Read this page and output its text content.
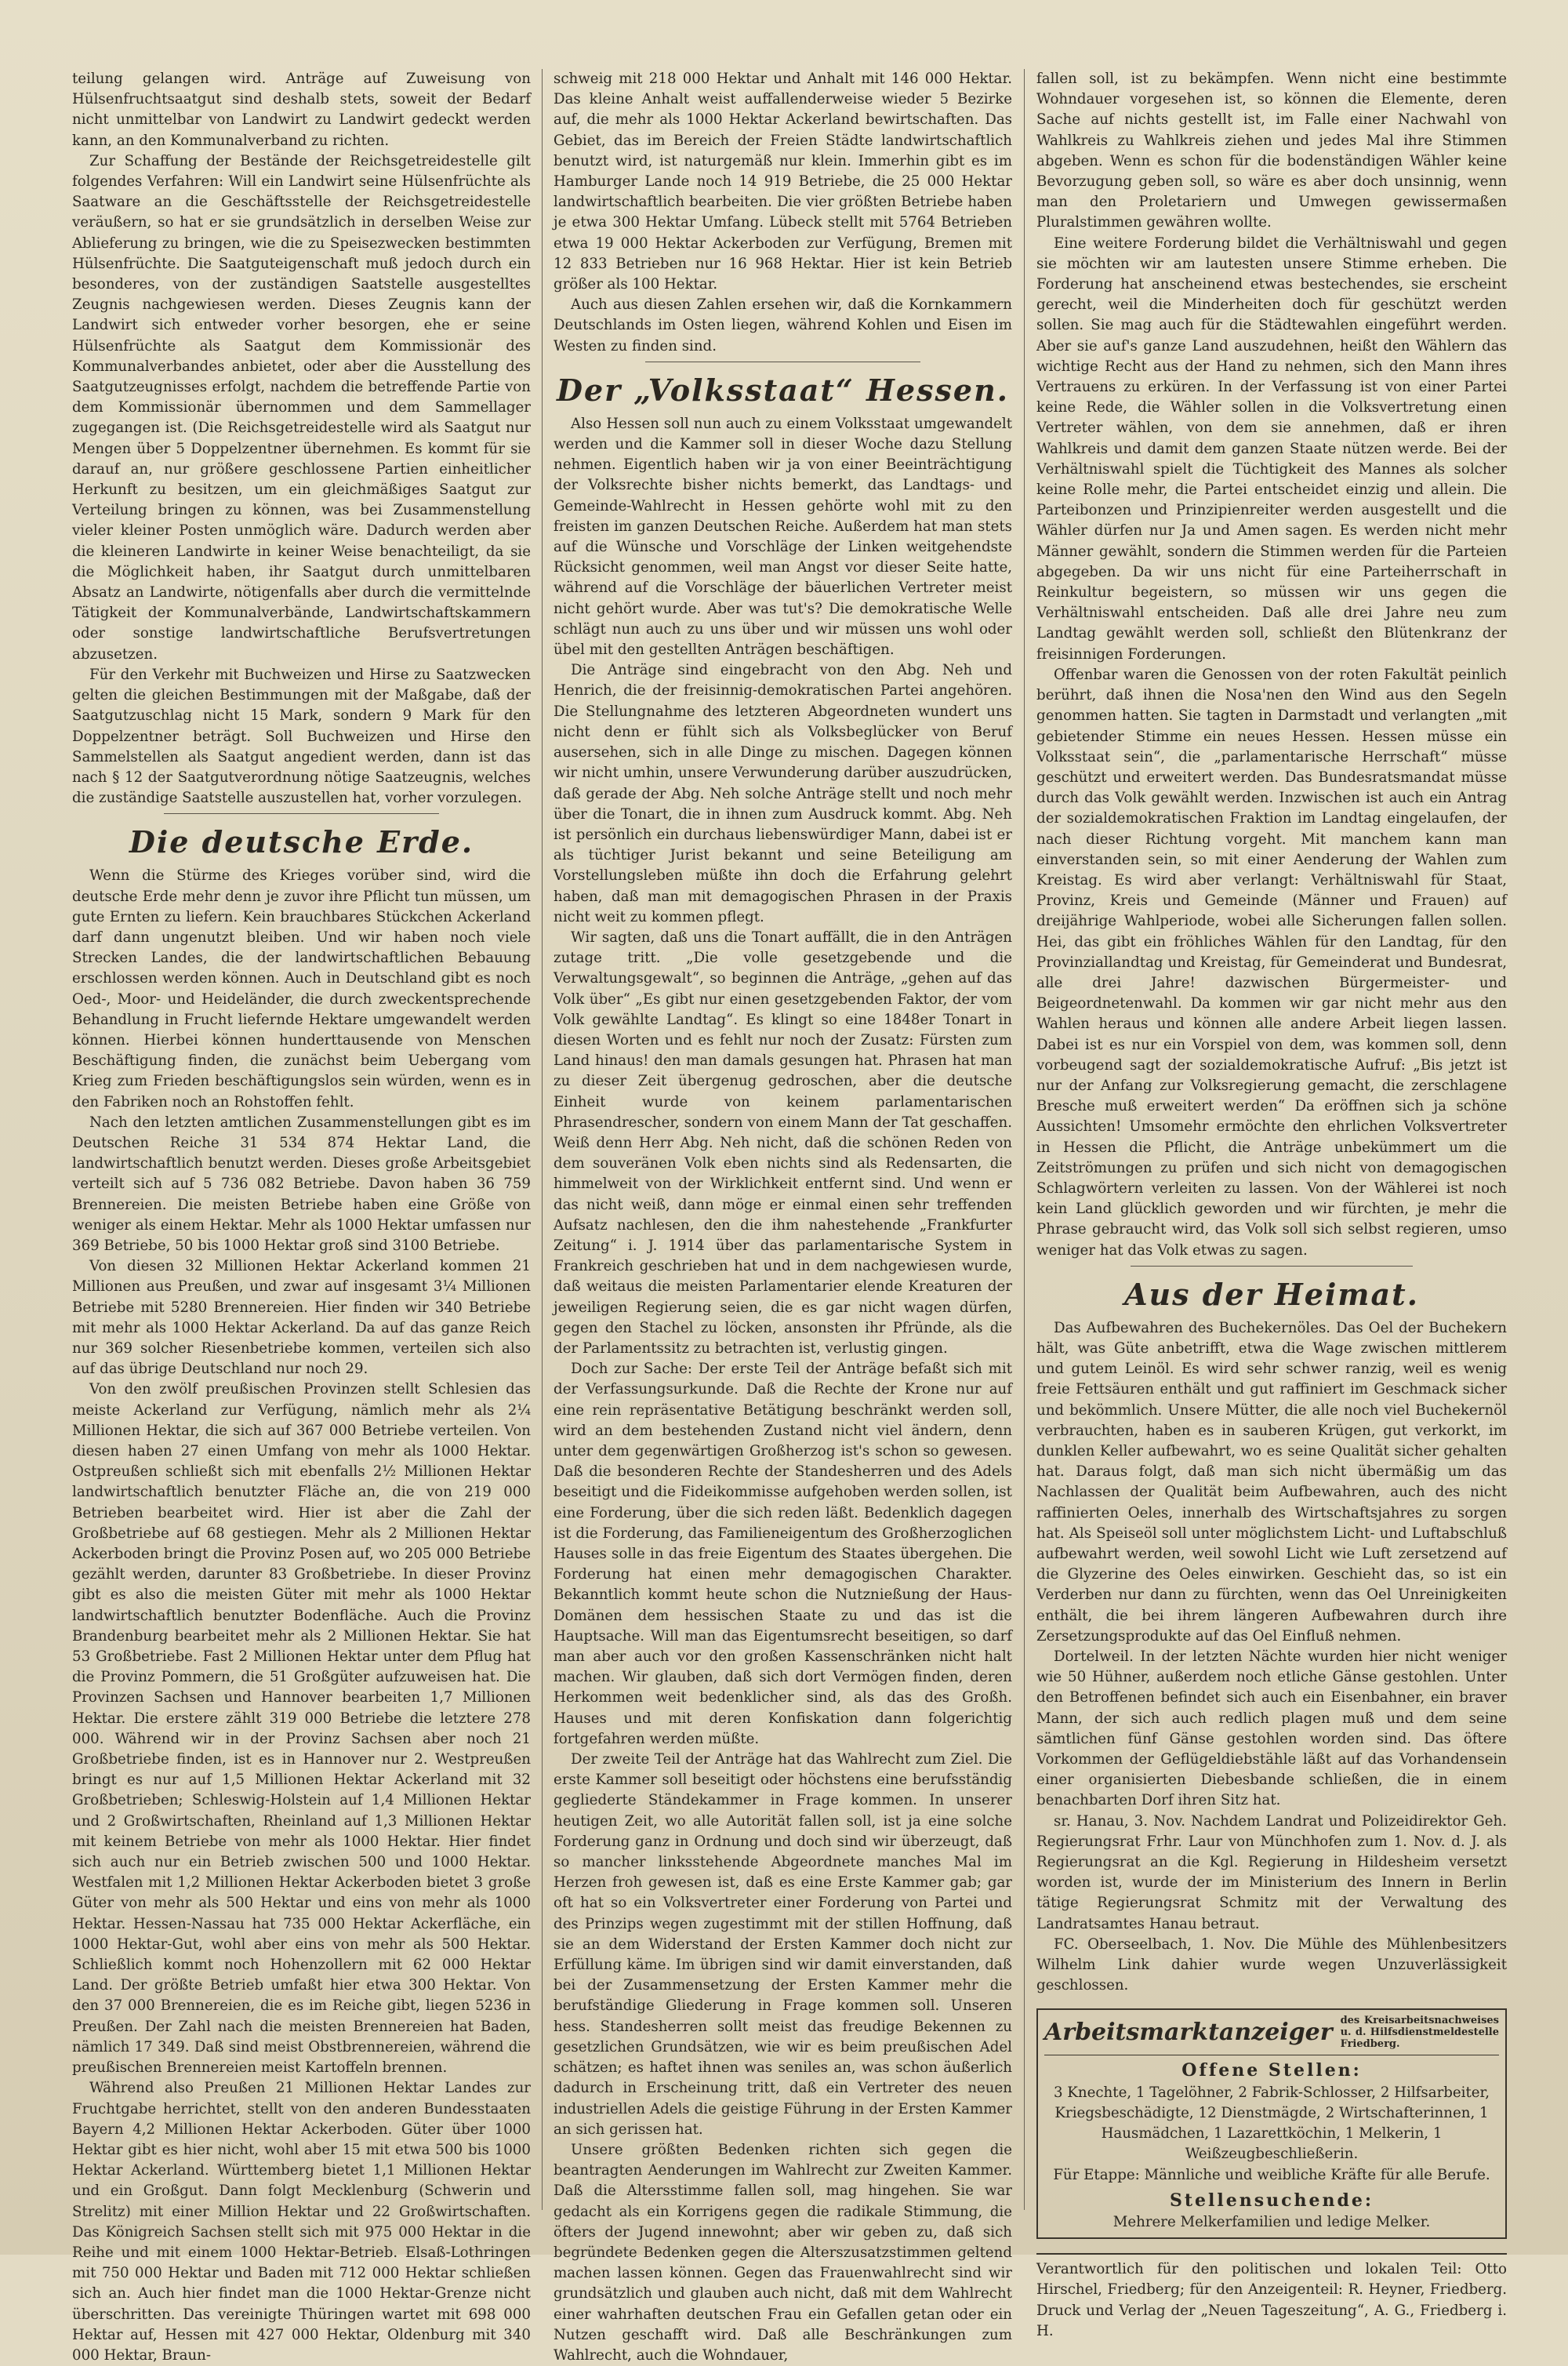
teilung gelangen wird. Anträge auf Zuweisung von Hülsenfruchtsaatgut sind deshalb stets, soweit der Bedarf nicht unmittelbar von Landwirt zu Landwirt gedeckt werden kann, an den Kommunalverband zu richten.

Zur Schaffung der Bestände der Reichsgetreidestelle gilt folgendes Verfahren: Will ein Landwirt seine Hülsenfrüchte als Saatware an die Geschäftsstelle der Reichsgetreidestelle veräußern, so hat er sie grundsätzlich in derselben Weise zur Ablieferung zu bringen, wie die zu Speisezwecken bestimmten Hülsenfrüchte. Die Saatguteigenschaft muß jedoch durch ein besonderes, von der zuständigen Saatstelle ausgestelltes Zeugnis nachgewiesen werden. Dieses Zeugnis kann der Landwirt sich entweder vorher besorgen, ehe er seine Hülsenfrüchte als Saatgut dem Kommissionär des Kommunalverbandes anbietet, oder aber die Ausstellung des Saatgutzeugnisses erfolgt, nachdem die betreffende Partie von dem Kommissionär übernommen und dem Sammellager zugegangen ist. (Die Reichsgetreidestelle wird als Saatgut nur Mengen über 5 Doppelzentner übernehmen. Es kommt für sie darauf an, nur größere geschlossene Partien einheitlicher Herkunft zu besitzen, um ein gleichmäßiges Saatgut zur Verteilung bringen zu können, was bei Zusammenstellung vieler kleiner Posten unmöglich wäre. Dadurch werden aber die kleineren Landwirte in keiner Weise benachteiligt, da sie die Möglichkeit haben, ihr Saatgut durch unmittelbaren Absatz an Landwirte, nötigenfalls aber durch die vermittelnde Tätigkeit der Kommunalverbände, Landwirtschaftskammern oder sonstige landwirtschaftliche Berufsvertretungen abzusetzen.

Für den Verkehr mit Buchweizen und Hirse zu Saatzwecken gelten die gleichen Bestimmungen mit der Maßgabe, daß der Saatgutzuschlag nicht 15 Mark, sondern 9 Mark für den Doppelzentner beträgt. Soll Buchweizen und Hirse den Sammelstellen als Saatgut angedient werden, dann ist das nach § 12 der Saatgutverordnung nötige Saatzeugnis, welches die zuständige Saatstelle auszustellen hat, vorher vorzulegen.

Die deutsche Erde.

Wenn die Stürme des Krieges vorüber sind, wird die deutsche Erde mehr denn je zuvor ihre Pflicht tun müssen, um gute Ernten zu liefern. Kein brauchbares Stückchen Ackerland darf dann ungenutzt bleiben. Und wir haben noch viele Strecken Landes, die der landwirtschaftlichen Bebauung erschlossen werden können. Auch in Deutschland gibt es noch Oed-, Moor- und Heideländer, die durch zweckentsprechende Behandlung in Frucht liefernde Hektare umgewandelt werden können. Hierbei können hunderttausende von Menschen Beschäftigung finden, die zunächst beim Uebergang vom Krieg zum Frieden beschäftigungslos sein würden, wenn es in den Fabriken noch an Rohstoffen fehlt.

Nach den letzten amtlichen Zusammenstellungen gibt es im Deutschen Reiche 31 534 874 Hektar Land, die landwirtschaftlich benutzt werden. Dieses große Arbeitsgebiet verteilt sich auf 5 736 082 Betriebe. Davon haben 36 759 Brennereien. Die meisten Betriebe haben eine Größe von weniger als einem Hektar. Mehr als 1000 Hektar umfassen nur 369 Betriebe, 50 bis 1000 Hektar groß sind 3100 Betriebe.

Von diesen 32 Millionen Hektar Ackerland kommen 21 Millionen aus Preußen, und zwar auf insgesamt 3¼ Millionen Betriebe mit 5280 Brennereien. Hier finden wir 340 Betriebe mit mehr als 1000 Hektar Ackerland. Da auf das ganze Reich nur 369 solcher Riesenbetriebe kommen, verteilen sich also auf das übrige Deutschland nur noch 29.

Von den zwölf preußischen Provinzen stellt Schlesien das meiste Ackerland zur Verfügung, nämlich mehr als 2¼ Millionen Hektar, die sich auf 367 000 Betriebe verteilen. Von diesen haben 27 einen Umfang von mehr als 1000 Hektar. Ostpreußen schließt sich mit ebenfalls 2½ Millionen Hektar landwirtschaftlich benutzter Fläche an, die von 219 000 Betrieben bearbeitet wird. Hier ist aber die Zahl der Großbetriebe auf 68 gestiegen. Mehr als 2 Millionen Hektar Ackerboden bringt die Provinz Posen auf, wo 205 000 Betriebe gezählt werden, darunter 83 Großbetriebe. In dieser Provinz gibt es also die meisten Güter mit mehr als 1000 Hektar landwirtschaftlich benutzter Bodenfläche. Auch die Provinz Brandenburg bearbeitet mehr als 2 Millionen Hektar. Sie hat 53 Großbetriebe. Fast 2 Millionen Hektar unter dem Pflug hat die Provinz Pommern, die 51 Großgüter aufzuweisen hat. Die Provinzen Sachsen und Hannover bearbeiten 1,7 Millionen Hektar. Die erstere zählt 319 000 Betriebe die letztere 278 000. Während wir in der Provinz Sachsen aber noch 21 Großbetriebe finden, ist es in Hannover nur 2. Westpreußen bringt es nur auf 1,5 Millionen Hektar Ackerland mit 32 Großbetrieben; Schleswig-Holstein auf 1,4 Millionen Hektar und 2 Großwirtschaften, Rheinland auf 1,3 Millionen Hektar mit keinem Betriebe von mehr als 1000 Hektar. Hier findet sich auch nur ein Betrieb zwischen 500 und 1000 Hektar. Westfalen mit 1,2 Millionen Hektar Ackerboden bietet 3 große Güter von mehr als 500 Hektar und eins von mehr als 1000 Hektar. Hessen-Nassau hat 735 000 Hektar Ackerfläche, ein 1000 Hektar-Gut, wohl aber eins von mehr als 500 Hektar. Schließlich kommt noch Hohenzollern mit 62 000 Hektar Land. Der größte Betrieb umfaßt hier etwa 300 Hektar. Von den 37 000 Brennereien, die es im Reiche gibt, liegen 5236 in Preußen. Der Zahl nach die meisten Brennereien hat Baden, nämlich 17 349. Daß sind meist Obstbrennereien, während die preußischen Brennereien meist Kartoffeln brennen.

Während also Preußen 21 Millionen Hektar Landes zur Fruchtgabe herrichtet, stellt von den anderen Bundesstaaten Bayern 4,2 Millionen Hektar Ackerboden. Güter über 1000 Hektar gibt es hier nicht, wohl aber 15 mit etwa 500 bis 1000 Hektar Ackerland. Württemberg bietet 1,1 Millionen Hektar und ein Großgut. Dann folgt Mecklenburg (Schwerin und Strelitz) mit einer Million Hektar und 22 Großwirtschaften. Das Königreich Sachsen stellt sich mit 975 000 Hektar in die Reihe und mit einem 1000 Hektar-Betrieb. Elsaß-Lothringen mit 750 000 Hektar und Baden mit 712 000 Hektar schließen sich an. Auch hier findet man die 1000 Hektar-Grenze nicht überschritten. Das vereinigte Thüringen wartet mit 698 000 Hektar auf, Hessen mit 427 000 Hektar, Oldenburg mit 340 000 Hektar, Braun-

schweig mit 218 000 Hektar und Anhalt mit 146 000 Hektar. Das kleine Anhalt weist auffallenderweise wieder 5 Bezirke auf, die mehr als 1000 Hektar Ackerland bewirtschaften. Das Gebiet, das im Bereich der Freien Städte landwirtschaftlich benutzt wird, ist naturgemäß nur klein. Immerhin gibt es im Hamburger Lande noch 14 919 Betriebe, die 25 000 Hektar landwirtschaftlich bearbeiten. Die vier größten Betriebe haben je etwa 300 Hektar Umfang. Lübeck stellt mit 5764 Betrieben etwa 19 000 Hektar Ackerboden zur Verfügung, Bremen mit 12 833 Betrieben nur 16 968 Hektar. Hier ist kein Betrieb größer als 100 Hektar.

Auch aus diesen Zahlen ersehen wir, daß die Kornkammern Deutschlands im Osten liegen, während Kohlen und Eisen im Westen zu finden sind.

Der „Volksstaat“ Hessen.

Also Hessen soll nun auch zu einem Volksstaat umgewandelt werden und die Kammer soll in dieser Woche dazu Stellung nehmen. Eigentlich haben wir ja von einer Beeinträchtigung der Volksrechte bisher nichts bemerkt, das Landtags- und Gemeinde-Wahlrecht in Hessen gehörte wohl mit zu den freisten im ganzen Deutschen Reiche. Außerdem hat man stets auf die Wünsche und Vorschläge der Linken weitgehendste Rücksicht genommen, weil man Angst vor dieser Seite hatte, während auf die Vorschläge der bäuerlichen Vertreter meist nicht gehört wurde. Aber was tut's? Die demokratische Welle schlägt nun auch zu uns über und wir müssen uns wohl oder übel mit den gestellten Anträgen beschäftigen.

Die Anträge sind eingebracht von den Abg. Neh und Henrich, die der freisinnig-demokratischen Partei angehören. Die Stellungnahme des letzteren Abgeordneten wundert uns nicht denn er fühlt sich als Volksbeglücker von Beruf ausersehen, sich in alle Dinge zu mischen. Dagegen können wir nicht umhin, unsere Verwunderung darüber auszudrücken, daß gerade der Abg. Neh solche Anträge stellt und noch mehr über die Tonart, die in ihnen zum Ausdruck kommt. Abg. Neh ist persönlich ein durchaus liebenswürdiger Mann, dabei ist er als tüchtiger Jurist bekannt und seine Beteiligung am Vorstellungsleben müßte ihn doch die Erfahrung gelehrt haben, daß man mit demagogischen Phrasen in der Praxis nicht weit zu kommen pflegt.

Wir sagten, daß uns die Tonart auffällt, die in den Anträgen zutage tritt. „Die volle gesetzgebende und die Verwaltungsgewalt“, so beginnen die Anträge, „gehen auf das Volk über“ „Es gibt nur einen gesetzgebenden Faktor, der vom Volk gewählte Landtag“. Es klingt so eine 1848er Tonart in diesen Worten und es fehlt nur noch der Zusatz: Fürsten zum Land hinaus! den man damals gesungen hat. Phrasen hat man zu dieser Zeit übergenug gedroschen, aber die deutsche Einheit wurde von keinem parlamentarischen Phrasendrescher, sondern von einem Mann der Tat geschaffen. Weiß denn Herr Abg. Neh nicht, daß die schönen Reden von dem souveränen Volk eben nichts sind als Redensarten, die himmelweit von der Wirklichkeit entfernt sind. Und wenn er das nicht weiß, dann möge er einmal einen sehr treffenden Aufsatz nachlesen, den die ihm nahestehende „Frankfurter Zeitung“ i. J. 1914 über das parlamentarische System in Frankreich geschrieben hat und in dem nachgewiesen wurde, daß weitaus die meisten Parlamentarier elende Kreaturen der jeweiligen Regierung seien, die es gar nicht wagen dürfen, gegen den Stachel zu löcken, ansonsten ihr Pfründe, als die der Parlamentssitz zu betrachten ist, verlustig gingen.

Doch zur Sache: Der erste Teil der Anträge befaßt sich mit der Verfassungsurkunde. Daß die Rechte der Krone nur auf eine rein repräsentative Betätigung beschränkt werden soll, wird an dem bestehenden Zustand nicht viel ändern, denn unter dem gegenwärtigen Großherzog ist's schon so gewesen. Daß die besonderen Rechte der Standesherren und des Adels beseitigt und die Fideikommisse aufgehoben werden sollen, ist eine Forderung, über die sich reden läßt. Bedenklich dagegen ist die Forderung, das Familieneigentum des Großherzoglichen Hauses solle in das freie Eigentum des Staates übergehen. Die Forderung hat einen mehr demagogischen Charakter. Bekanntlich kommt heute schon die Nutznießung der Haus-Domänen dem hessischen Staate zu und das ist die Hauptsache. Will man das Eigentumsrecht beseitigen, so darf man aber auch vor den großen Kassenschränken nicht halt machen. Wir glauben, daß sich dort Vermögen finden, deren Herkommen weit bedenklicher sind, als das des Großh. Hauses und mit deren Konfiskation dann folgerichtig fortgefahren werden müßte.

Der zweite Teil der Anträge hat das Wahlrecht zum Ziel. Die erste Kammer soll beseitigt oder höchstens eine berufsständig gegliederte Ständekammer in Frage kommen. In unserer heutigen Zeit, wo alle Autorität fallen soll, ist ja eine solche Forderung ganz in Ordnung und doch sind wir überzeugt, daß so mancher linksstehende Abgeordnete manches Mal im Herzen froh gewesen ist, daß es eine Erste Kammer gab; gar oft hat so ein Volksvertreter einer Forderung von Partei und des Prinzips wegen zugestimmt mit der stillen Hoffnung, daß sie an dem Widerstand der Ersten Kammer doch nicht zur Erfüllung käme. Im übrigen sind wir damit einverstanden, daß bei der Zusammensetzung der Ersten Kammer mehr die berufständige Gliederung in Frage kommen soll. Unseren hess. Standesherren sollt meist das freudige Bekennen zu gesetzlichen Grundsätzen, wie wir es beim preußischen Adel schätzen; es haftet ihnen was seniles an, was schon äußerlich dadurch in Erscheinung tritt, daß ein Vertreter des neuen industriellen Adels die geistige Führung in der Ersten Kammer an sich gerissen hat.

Unsere größten Bedenken richten sich gegen die beantragten Aenderungen im Wahlrecht zur Zweiten Kammer. Daß die Altersstimme fallen soll, mag hingehen. Sie war gedacht als ein Korrigens gegen die radikale Stimmung, die öfters der Jugend innewohnt; aber wir geben zu, daß sich begründete Bedenken gegen die Alterszusatzstimmen geltend machen lassen können. Gegen das Frauenwahlrecht sind wir grundsätzlich und glauben auch nicht, daß mit dem Wahlrecht einer wahrhaften deutschen Frau ein Gefallen getan oder ein Nutzen geschafft wird. Daß alle Beschränkungen zum Wahlrecht, auch die Wohndauer,

fallen soll, ist zu bekämpfen. Wenn nicht eine bestimmte Wohndauer vorgesehen ist, so können die Elemente, deren Sache auf nichts gestellt ist, im Falle einer Nachwahl von Wahlkreis zu Wahlkreis ziehen und jedes Mal ihre Stimmen abgeben. Wenn es schon für die bodenständigen Wähler keine Bevorzugung geben soll, so wäre es aber doch unsinnig, wenn man den Proletariern und Umwegen gewissermaßen Pluralstimmen gewähren wollte.

Eine weitere Forderung bildet die Verhältniswahl und gegen sie möchten wir am lautesten unsere Stimme erheben. Die Forderung hat anscheinend etwas bestechendes, sie erscheint gerecht, weil die Minderheiten doch für geschützt werden sollen. Sie mag auch für die Städtewahlen eingeführt werden. Aber sie auf's ganze Land auszudehnen, heißt den Wählern das wichtige Recht aus der Hand zu nehmen, sich den Mann ihres Vertrauens zu erküren. In der Verfassung ist von einer Partei keine Rede, die Wähler sollen in die Volksvertretung einen Vertreter wählen, von dem sie annehmen, daß er ihren Wahlkreis und damit dem ganzen Staate nützen werde. Bei der Verhältniswahl spielt die Tüchtigkeit des Mannes als solcher keine Rolle mehr, die Partei entscheidet einzig und allein. Die Parteibonzen und Prinzipienreiter werden ausgestellt und die Wähler dürfen nur Ja und Amen sagen. Es werden nicht mehr Männer gewählt, sondern die Stimmen werden für die Parteien abgegeben. Da wir uns nicht für eine Parteiherrschaft in Reinkultur begeistern, so müssen wir uns gegen die Verhältniswahl entscheiden. Daß alle drei Jahre neu zum Landtag gewählt werden soll, schließt den Blütenkranz der freisinnigen Forderungen.

Offenbar waren die Genossen von der roten Fakultät peinlich berührt, daß ihnen die Nosa'nen den Wind aus den Segeln genommen hatten. Sie tagten in Darmstadt und verlangten „mit gebietender Stimme ein neues Hessen. Hessen müsse ein Volksstaat sein“, die „parlamentarische Herrschaft“ müsse geschützt und erweitert werden. Das Bundesratsmandat müsse durch das Volk gewählt werden. Inzwischen ist auch ein Antrag der sozialdemokratischen Fraktion im Landtag eingelaufen, der nach dieser Richtung vorgeht. Mit manchem kann man einverstanden sein, so mit einer Aenderung der Wahlen zum Kreistag. Es wird aber verlangt: Verhältniswahl für Staat, Provinz, Kreis und Gemeinde (Männer und Frauen) auf dreijährige Wahlperiode, wobei alle Sicherungen fallen sollen. Hei, das gibt ein fröhliches Wählen für den Landtag, für den Provinziallandtag und Kreistag, für Gemeinderat und Bundesrat, alle drei Jahre! dazwischen Bürgermeister- und Beigeordnetenwahl. Da kommen wir gar nicht mehr aus den Wahlen heraus und können alle andere Arbeit liegen lassen. Dabei ist es nur ein Vorspiel von dem, was kommen soll, denn vorbeugend sagt der sozialdemokratische Aufruf: „Bis jetzt ist nur der Anfang zur Volksregierung gemacht, die zerschlagene Bresche muß erweitert werden“ Da eröffnen sich ja schöne Aussichten! Umsomehr ermöchte den ehrlichen Volksvertreter in Hessen die Pflicht, die Anträge unbekümmert um die Zeitströmungen zu prüfen und sich nicht von demagogischen Schlagwörtern verleiten zu lassen. Von der Wählerei ist noch kein Land glücklich geworden und wir fürchten, je mehr die Phrase gebraucht wird, das Volk soll sich selbst regieren, umso weniger hat das Volk etwas zu sagen.

Aus der Heimat.

Das Aufbewahren des Buchekernöles. Das Oel der Buchekern hält, was Güte anbetrifft, etwa die Wage zwischen mittlerem und gutem Leinöl. Es wird sehr schwer ranzig, weil es wenig freie Fettsäuren enthält und gut raffiniert im Geschmack sicher und bekömmlich. Unsere Mütter, die alle noch viel Buchekernöl verbrauchten, haben es in sauberen Krügen, gut verkorkt, im dunklen Keller aufbewahrt, wo es seine Qualität sicher gehalten hat. Daraus folgt, daß man sich nicht übermäßig um das Nachlassen der Qualität beim Aufbewahren, auch des nicht raffinierten Oeles, innerhalb des Wirtschaftsjahres zu sorgen hat. Als Speiseöl soll unter möglichstem Licht- und Luftabschluß aufbewahrt werden, weil sowohl Licht wie Luft zersetzend auf die Glyzerine des Oeles einwirken. Geschieht das, so ist ein Verderben nur dann zu fürchten, wenn das Oel Unreinigkeiten enthält, die bei ihrem längeren Aufbewahren durch ihre Zersetzungsprodukte auf das Oel Einfluß nehmen.

Dortelweil. In der letzten Nächte wurden hier nicht weniger wie 50 Hühner, außerdem noch etliche Gänse gestohlen. Unter den Betroffenen befindet sich auch ein Eisenbahner, ein braver Mann, der sich auch redlich plagen muß und dem seine sämtlichen fünf Gänse gestohlen worden sind. Das öftere Vorkommen der Geflügeldiebstähle läßt auf das Vorhandensein einer organisierten Diebesbande schließen, die in einem benachbarten Dorf ihren Sitz hat.

sr. Hanau, 3. Nov. Nachdem Landrat und Polizeidirektor Geh. Regierungsrat Frhr. Laur von Münchhofen zum 1. Nov. d. J. als Regierungsrat an die Kgl. Regierung in Hildesheim versetzt worden ist, wurde der im Ministerium des Innern in Berlin tätige Regierungsrat Schmitz mit der Verwaltung des Landratsamtes Hanau betraut.

FC. Oberseelbach, 1. Nov. Die Mühle des Mühlenbesitzers Wilhelm Link dahier wurde wegen Unzuverlässigkeit geschlossen.

Arbeitsmarktanzeiger des Kreisarbeitsnachweises u. d. Hilfsdienstmeldestelle Friedberg.
Offene Stellen:

3 Knechte, 1 Tagelöhner, 2 Fabrik-Schlosser, 2 Hilfsarbeiter, Kriegsbeschädigte, 12 Dienstmägde, 2 Wirtschafterinnen, 1 Hausmädchen, 1 Lazarettköchin, 1 Melkerin, 1 Weißzeugbeschließerin.

Für Etappe: Männliche und weibliche Kräfte für alle Berufe.

Stellensuchende:

Mehrere Melkerfamilien und ledige Melker.

Verantwortlich für den politischen und lokalen Teil: Otto Hirschel, Friedberg; für den Anzeigenteil: R. Heyner, Friedberg. Druck und Verlag der „Neuen Tageszeitung“, A. G., Friedberg i. H.
